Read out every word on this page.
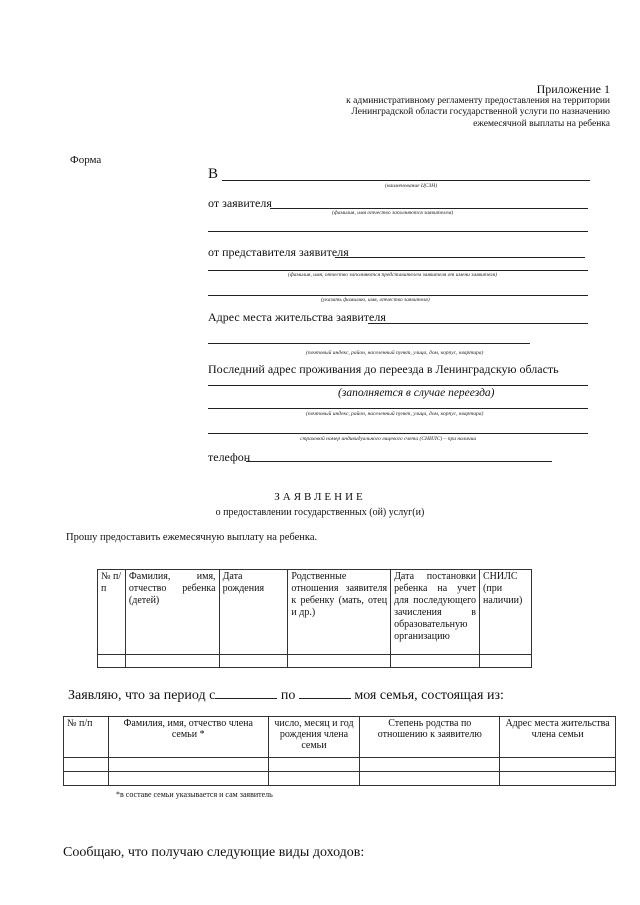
Приложение 1
к административному регламенту предоставления на территории
Ленинградской области государственной услуги по назначению
ежемесячной выплаты на ребенка
Форма
В
(наименование ЦСЗН)
от заявителя
(фамилия, имя отчество заполняются заявителем)
от представителя заявителя
(фамилия, имя, отчество заполняются представителем заявителя от имени заявителя)
(указать фамилию, имя, отчество заявителя)
Адрес места жительства заявителя
(почтовый индекс, район, населенный пункт, улица, дом, корпус, квартира)
Последний адрес проживания до переезда в Ленинградскую область
(заполняется в случае переезда)
(почтовый индекс, район, населенный пункт, улица, дом, корпус, квартира)
страховой номер индивидуального лицевого счета (СНИЛС) – при наличии
телефон
ЗАЯВЛЕНИЕ
о предоставлении государственных (ой) услуг(и)
Прошу предоставить ежемесячную выплату на ребенка.
№ п/п	Фамилия, имя, отчество ребенка (детей)	Дата рождения	Родственные отношения заявителя к ребенку (мать, отец и др.)	Дата постановки ребенка на учет для последующего зачисления в образовательную организацию	СНИЛС (при наличии)

Заявляю, что за период с	по	моя семья, состоящая из:
№ п/п	Фамилия, имя, отчество члена семьи *	число, месяц и год рождения члена семьи	Степень родства по отношению к заявителю	Адрес места жительства члена семьи

*в составе семьи указывается и сам заявитель
Сообщаю, что получаю следующие виды доходов:
